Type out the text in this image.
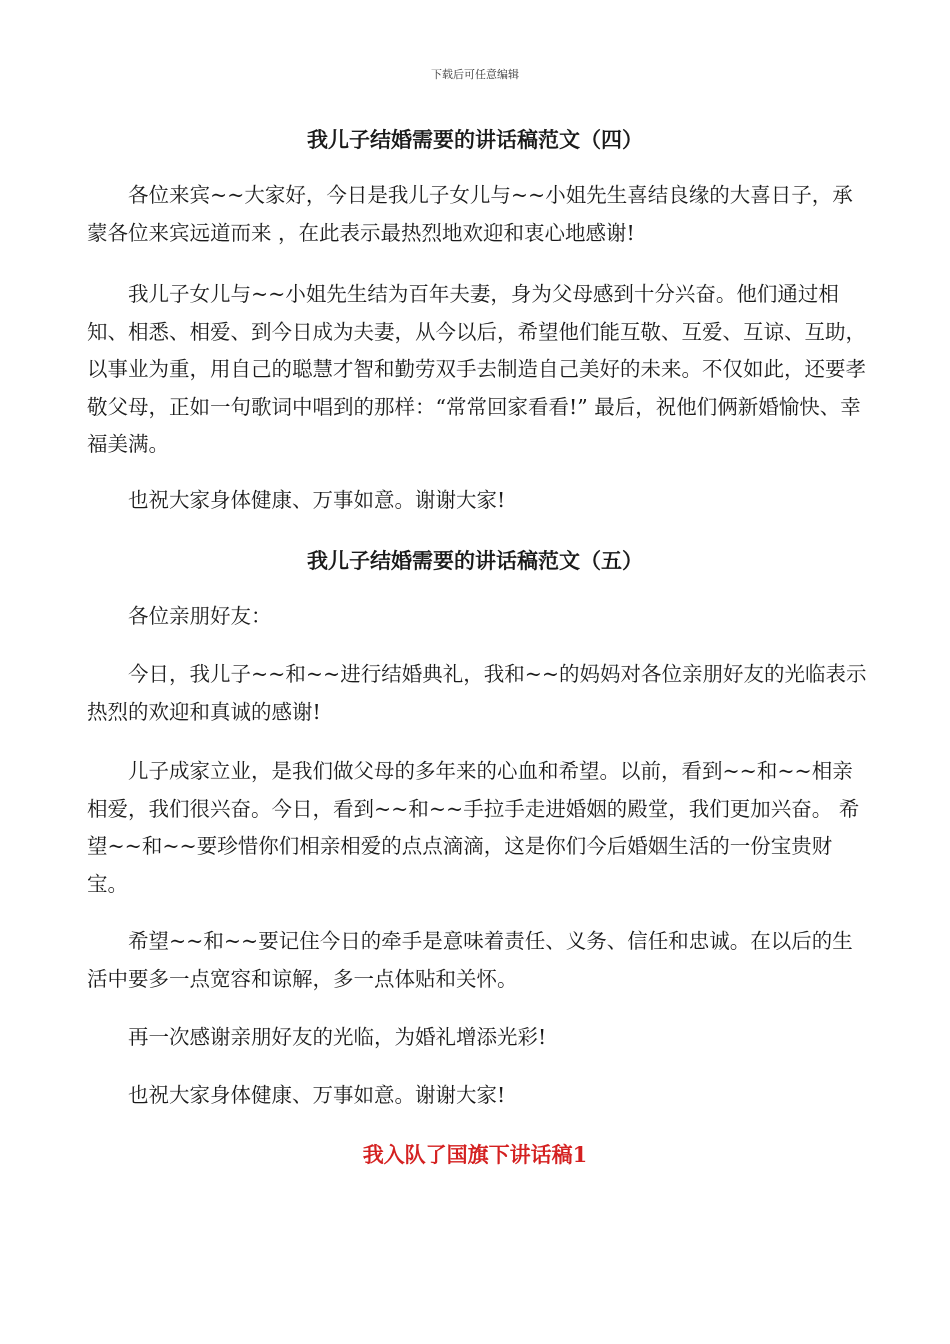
下载后可任意编辑
我儿子结婚需要的讲话稿范文（四）

各位来宾~~大家好，今日是我儿子女儿与~~小姐先生喜结良缘的大喜日子，承蒙各位来宾远道而来 ，在此表示最热烈地欢迎和衷心地感谢!

我儿子女儿与~~小姐先生结为百年夫妻，身为父母感到十分兴奋。他们通过相知、相悉、相爱、到今日成为夫妻，从今以后，希望他们能互敬、互爱、互谅、互助，以事业为重，用自己的聪慧才智和勤劳双手去制造自己美好的未来。不仅如此，还要孝敬父母，正如一句歌词中唱到的那样：“常常回家看看!” 最后，祝他们俩新婚愉快、幸福美满。

也祝大家身体健康、万事如意。谢谢大家!

我儿子结婚需要的讲话稿范文（五）

各位亲朋好友：

今日，我儿子~~和~~进行结婚典礼，我和~~的妈妈对各位亲朋好友的光临表示热烈的欢迎和真诚的感谢!

儿子成家立业，是我们做父母的多年来的心血和希望。以前，看到~~和~~相亲相爱，我们很兴奋。今日，看到~~和~~手拉手走进婚姻的殿堂，我们更加兴奋。 希望~~和~~要珍惜你们相亲相爱的点点滴滴，这是你们今后婚姻生活的一份宝贵财宝。

希望~~和~~要记住今日的牵手是意味着责任、义务、信任和忠诚。在以后的生活中要多一点宽容和谅解，多一点体贴和关怀。

再一次感谢亲朋好友的光临，为婚礼增添光彩!

也祝大家身体健康、万事如意。谢谢大家!

我入队了国旗下讲话稿1
